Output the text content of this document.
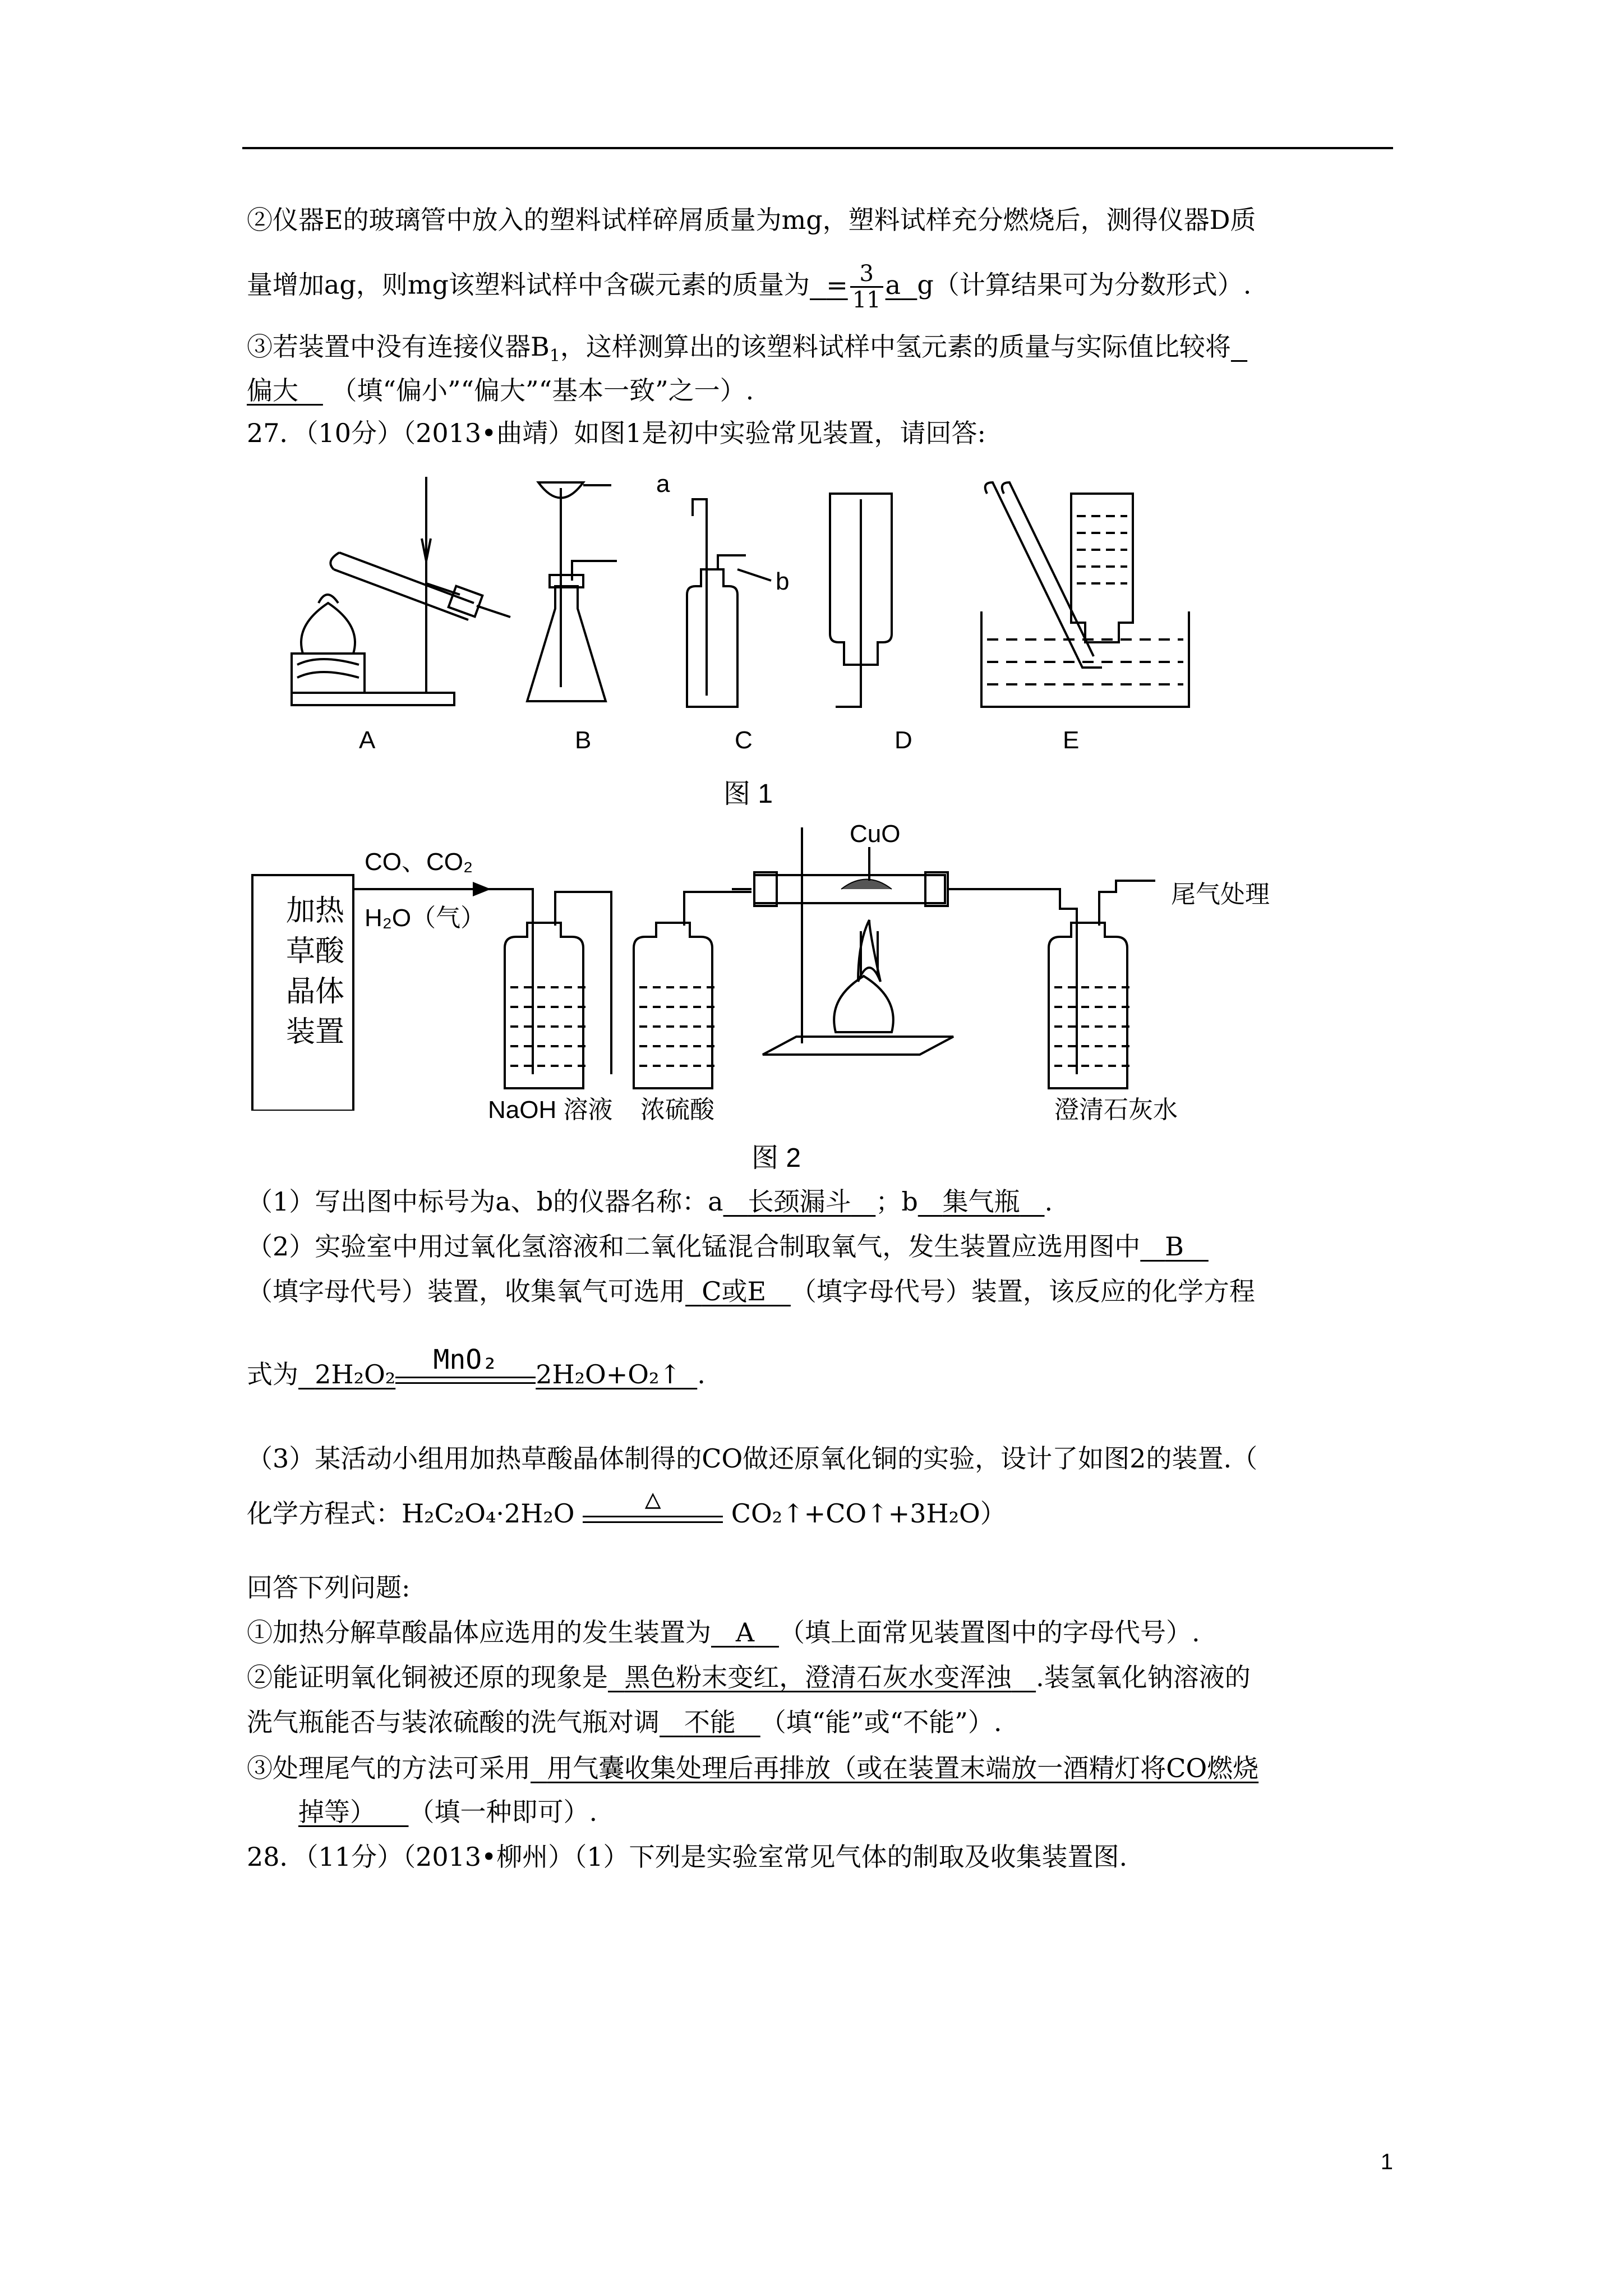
②仪器E的玻璃管中放入的塑料试样碎屑质量为mg，塑料试样充分燃烧后，测得仪器D质
量增加ag，则mg该塑料试样中含碳元素的质量为 = $\frac{3}{11}$ a g（计算结果可为分数形式）.
③若装置中没有连接仪器$B_1$，这样测算出的该塑料试样中氢元素的质量与实际值比较将
偏大 （填“偏小”“偏大”“基本一致”之一）.
27．（10分）（2013•曲靖）如图1是初中实验常见装置，请回答:
a
b
A	B	C	D	E
图 1
加热
草酸
晶体
装置
CO、CO₂
H₂O（气）
CuO
尾气处理
NaOH 溶液 浓硫酸	澄清石灰水
图 2
（1）写出图中标号为a、b的仪器名称：a 长颈漏斗 ；b 集气瓶 .
（2）实验室中用过氧化氢溶液和二氧化锰混合制取氧气，发生装置应选用图中 B
（填字母代号）装置，收集氧气可选用 C或E （填字母代号）装置，该反应的化学方程
式为 2H₂O₂	MnO₂	2H₂O+O₂↑ .
（3）某活动小组用加热草酸晶体制得的CO做还原氧化铜的实验，设计了如图2的装置.（
化学方程式：H₂C₂O₄·2H₂O	△	CO₂↑+CO↑+3H₂O）
回答下列问题:
①加热分解草酸晶体应选用的发生装置为 A （填上面常见装置图中的字母代号）.
②能证明氧化铜被还原的现象是 黑色粉末变红，澄清石灰水变浑浊 .装氢氧化钠溶液的
洗气瓶能否与装浓硫酸的洗气瓶对调 不能 （填“能”或“不能”）.
③处理尾气的方法可采用 用气囊收集处理后再排放（或在装置末端放一酒精灯将CO燃烧
掉等） （填一种即可）.
28．（11分）（2013•柳州）（1）下列是实验室常见气体的制取及收集装置图.
1
